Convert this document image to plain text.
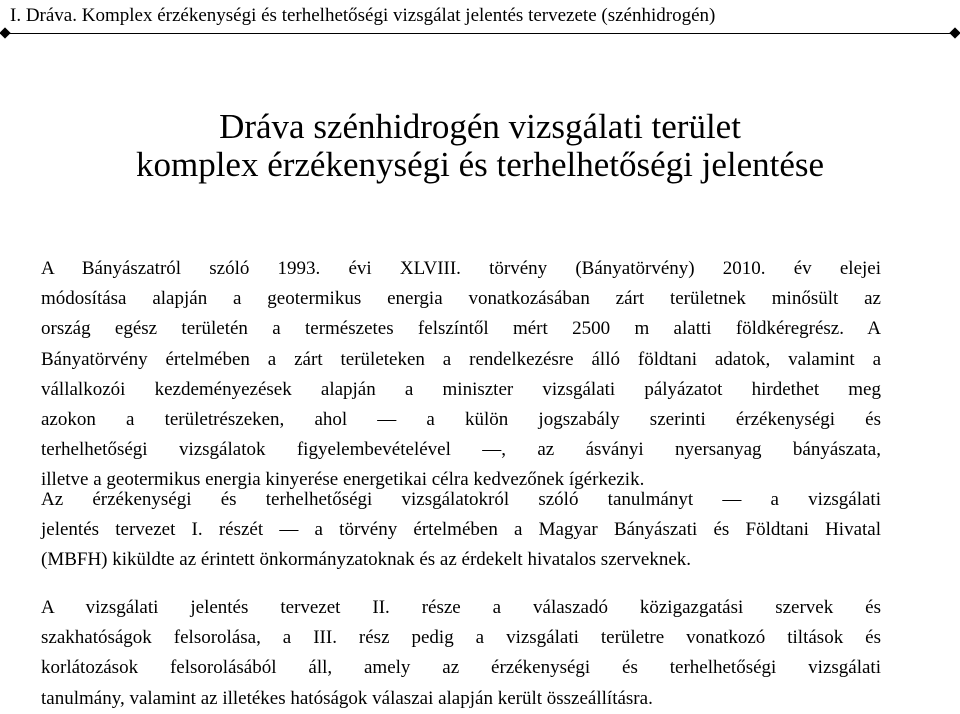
I. Dráva. Komplex érzékenységi és terhelhetőségi vizsgálat jelentés tervezete (szénhidrogén)
Dráva szénhidrogén vizsgálati terület
komplex érzékenységi és terhelhetőségi jelentése
A Bányászatról szóló 1993. évi XLVIII. törvény (Bányatörvény) 2010. év elejei
módosítása alapján a geotermikus energia vonatkozásában zárt területnek minősült az
ország egész területén a természetes felszíntől mért 2500 m alatti földkéregrész. A
Bányatörvény értelmében a zárt területeken a rendelkezésre álló földtani adatok, valamint a
vállalkozói kezdeményezések alapján a miniszter vizsgálati pályázatot hirdethet meg
azokon a területrészeken, ahol — a külön jogszabály szerinti érzékenységi és
terhelhetőségi vizsgálatok figyelembevételével —, az ásványi nyersanyag bányászata,
illetve a geotermikus energia kinyerése energetikai célra kedvezőnek ígérkezik.
Az érzékenységi és terhelhetőségi vizsgálatokról szóló tanulmányt — a vizsgálati
jelentés tervezet I. részét — a törvény értelmében a Magyar Bányászati és Földtani Hivatal
(MBFH) kiküldte az érintett önkormányzatoknak és az érdekelt hivatalos szerveknek.
A vizsgálati jelentés tervezet II. része a válaszadó közigazgatási szervek és
szakhatóságok felsorolása, a III. rész pedig a vizsgálati területre vonatkozó tiltások és
korlátozások felsorolásából áll, amely az érzékenységi és terhelhetőségi vizsgálati
tanulmány, valamint az illetékes hatóságok válaszai alapján került összeállításra.
